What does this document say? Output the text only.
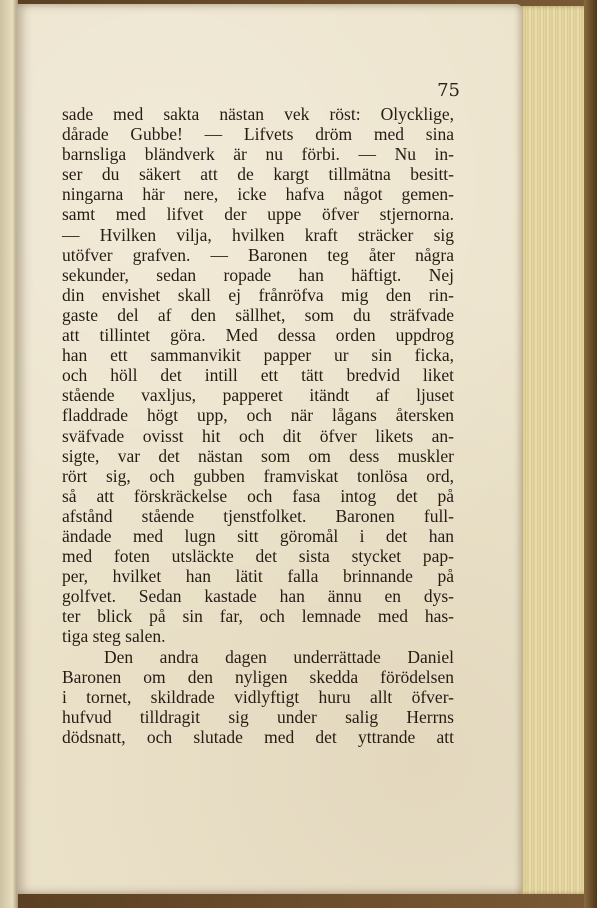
75
sade med sakta nästan vek röst: Olycklige,
dårade Gubbe! — Lifvets dröm med sina
barnsliga bländverk är nu förbi. — Nu in-
ser du säkert att de kargt tillmätna besitt-
ningarna här nere, icke hafva något gemen-
samt med lifvet der uppe öfver stjernorna.
— Hvilken vilja, hvilken kraft sträcker sig
utöfver grafven. — Baronen teg åter några
sekunder, sedan ropade han häftigt. Nej
din envishet skall ej frånröfva mig den rin-
gaste del af den sällhet, som du sträfvade
att tillintet göra. Med dessa orden uppdrog
han ett sammanvikit papper ur sin ficka,
och höll det intill ett tätt bredvid liket
stående vaxljus, papperet itändt af ljuset
fladdrade högt upp, och när lågans återsken
sväfvade ovisst hit och dit öfver likets an-
sigte, var det nästan som om dess muskler
rört sig, och gubben framviskat tonlösa ord,
så att förskräckelse och fasa intog det på
afstånd stående tjenstfolket. Baronen full-
ändade med lugn sitt göromål i det han
med foten utsläckte det sista stycket pap-
per, hvilket han lätit falla brinnande på
golfvet. Sedan kastade han ännu en dys-
ter blick på sin far, och lemnade med has-
tiga steg salen.
Den andra dagen underrättade Daniel
Baronen om den nyligen skedda förödelsen
i tornet, skildrade vidlyftigt huru allt öfver-
hufvud tilldragit sig under salig Herrns
dödsnatt, och slutade med det yttrande att
